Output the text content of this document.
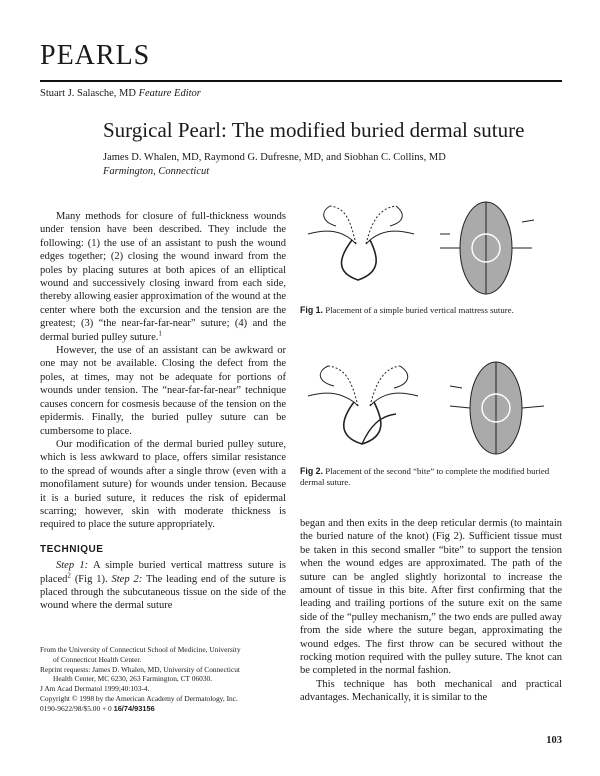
PEARLS
Stuart J. Salasche, MD Feature Editor
Surgical Pearl: The modified buried dermal suture
James D. Whalen, MD, Raymond G. Dufresne, MD, and Siobhan C. Collins, MD
Farmington, Connecticut

Many methods for closure of full-thickness wounds under tension have been described. They include the following: (1) the use of an assistant to push the wound edges together; (2) closing the wound inward from the poles by placing sutures at both apices of an elliptical wound and successively closing inward from each side, thereby allowing easier approximation of the wound at the center where both the excursion and the tension are the greatest; (3) “the near-far-far-near” suture; (4) and the dermal buried pulley suture.$^1$

However, the use of an assistant can be awkward or one may not be available. Closing the defect from the poles, at times, may not be adequate for portions of wounds under tension. The “near-far-far-near” technique causes concern for cosmesis because of the tension on the epidermis. Finally, the buried pulley suture can be cumbersome to place.

Our modification of the dermal buried pulley suture, which is less awkward to place, offers similar resistance to the spread of wounds after a single throw (even with a monofilament suture) for wounds under tension. Because it is a buried suture, it reduces the risk of epidermal scarring; however, skin with moderate thickness is required to place the suture appropriately.

TECHNIQUE

Step 1: A simple buried vertical mattress suture is placed$^2$ (Fig 1). Step 2: The leading end of the suture is placed through the subcutaneous tissue on the side of the wound where the dermal suture

Fig 1. Placement of a simple buried vertical mattress suture.
Fig 2. Placement of the second “bite” to complete the modified buried dermal suture.

began and then exits in the deep reticular dermis (to maintain the buried nature of the knot) (Fig 2). Sufficient tissue must be taken in this second smaller “bite” to support the tension when the wound edges are approximated. The path of the suture can be angled slightly horizontal to increase the amount of tissue in this bite. After first confirming that the leading and trailing portions of the suture exit on the same side of the “pulley mechanism,” the two ends are pulled away from the side where the suture began, approximating the wound edges. The first throw can be secured without the rocking motion required with the pulley suture. The knot can be completed in the normal fashion.

This technique has both mechanical and practical advantages. Mechanically, it is similar to the

From the University of Connecticut School of Medicine, University
of Connecticut Health Center.
Reprint requests: James D. Whalen, MD, University of Connecticut
Health Center, MC 6230, 263 Farmington, CT 06030.
J Am Acad Dermatol 1999;40:103-4.
Copyright © 1998 by the American Academy of Dermatology, Inc.
0190-9622/98/$5.00 + 0 16/74/93156
103
